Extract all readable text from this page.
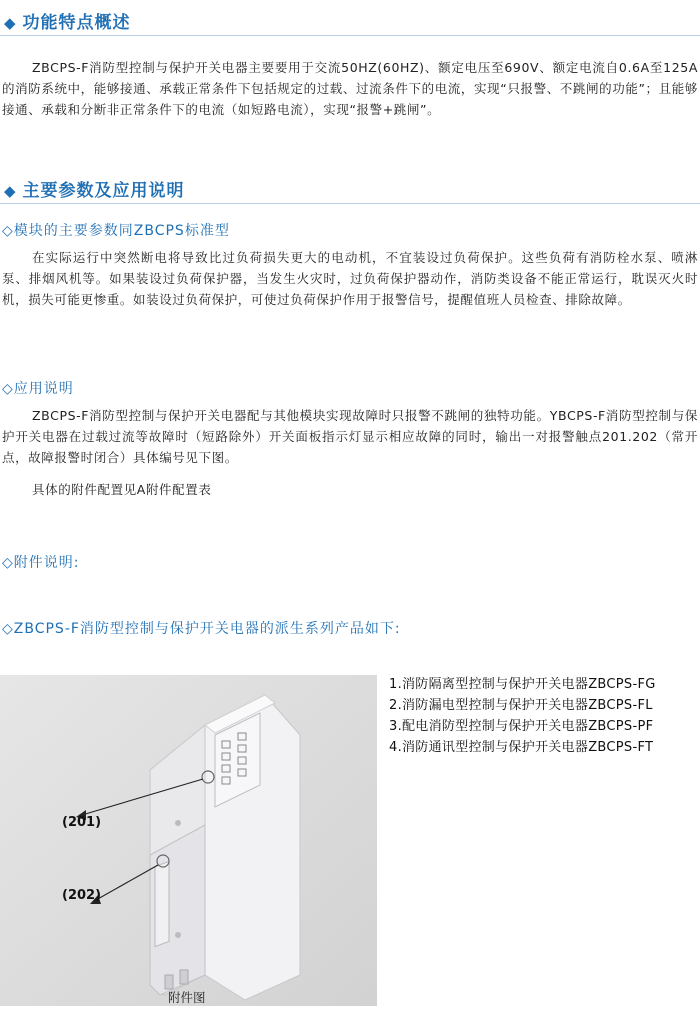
◆ 功能特点概述

ZBCPS-F消防型控制与保护开关电器主要要用于交流50HZ(60HZ)、额定电压至690V、额定电流自0.6A至125A的消防系统中，能够接通、承载正常条件下包括规定的过载、过流条件下的电流，实现“只报警、不跳闸的功能”；且能够接通、承载和分断非正常条件下的电流（如短路电流），实现“报警+跳闸”。

◆ 主要参数及应用说明
◇模块的主要参数同ZBCPS标准型

在实际运行中突然断电将导致比过负荷损失更大的电动机，不宜装设过负荷保护。这些负荷有消防栓水泵、喷淋泵、排烟风机等。如果装设过负荷保护器，当发生火灾时，过负荷保护器动作，消防类设备不能正常运行，耽误灭火时机，损失可能更惨重。如装设过负荷保护，可使过负荷保护作用于报警信号，提醒值班人员检查、排除故障。

◇应用说明

ZBCPS-F消防型控制与保护开关电器配与其他模块实现故障时只报警不跳闸的独特功能。YBCPS-F消防型控制与保护开关电器在过载过流等故障时（短路除外）开关面板指示灯显示相应故障的同时，输出一对报警触点201.202（常开点，故障报警时闭合）具体编号见下图。

具体的附件配置见A附件配置表

◇附件说明:
◇ZBCPS-F消防型控制与保护开关电器的派生系列产品如下:
(201)
(202)
附件图
1.消防隔离型控制与保护开关电器ZBCPS-FG
2.消防漏电型控制与保护开关电器ZBCPS-FL
3.配电消防型控制与保护开关电器ZBCPS-PF
4.消防通讯型控制与保护开关电器ZBCPS-FT
